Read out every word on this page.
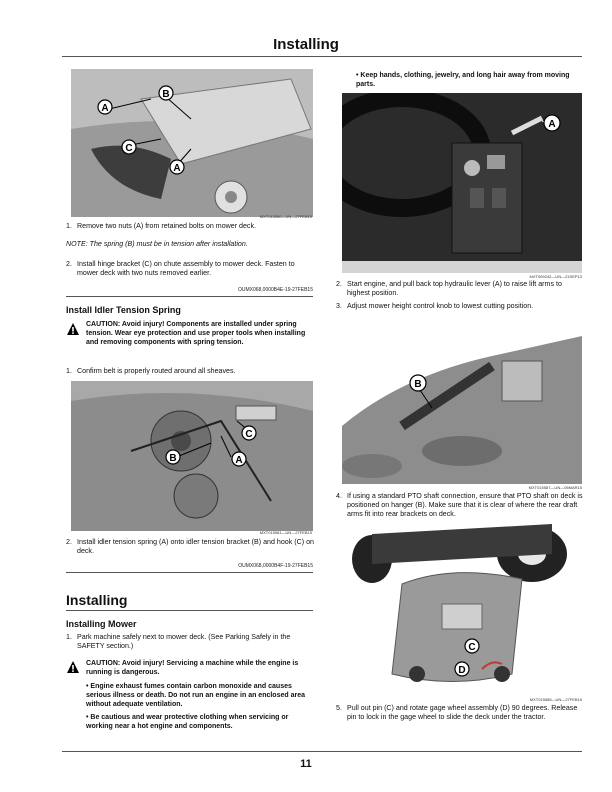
Installing
A
B
C
A
MXT015580—UN—27FEB15
1. Remove two nuts (A) from retained bolts on mower deck.
NOTE: The spring (B) must be in tension after installation.
2. Install hinge bracket (C) on chute assembly to mower deck. Fasten to mower deck with two nuts removed earlier.
OUMX068,0000B4E-19-27FEB15
Install Idler Tension Spring
CAUTION: Avoid injury! Components are installed under spring tension. Wear eye protection and use proper tools when installing and removing components with spring tension.
1. Confirm belt is properly routed around all sheaves.
C
B	A
MXT015581—UN—27FEB15
2. Install idler tension spring (A) onto idler tension bracket (B) and hook (C) on deck.
OUMX068,0000B4F-19-27FEB15
Installing
Installing Mower
1. Park machine safely next to mower deck. (See Parking Safely in the SAFETY section.)
CAUTION: Avoid injury! Servicing a machine while the engine is running is dangerous.
• Engine exhaust fumes contain carbon monoxide and causes serious illness or death. Do not run an engine in an enclosed area without adequate ventilation.
• Be cautious and wear protective clothing when servicing or working near a hot engine and components.
• Keep hands, clothing, jewelry, and long hair away from moving parts.
A
MXT009242—UN—21SEP13
2. Start engine, and pull back top hydraulic lever (A) to raise lift arms to highest position.
3. Adjust mower height control knob to lowest cutting position.
B
MXT015587—UN—05MAR15
4. If using a standard PTO shaft connection, ensure that PTO shaft on deck is positioned on hanger (B). Make sure that it is clear of where the rear draft arms fit into rear brackets on deck.
C
D
MXT015585—UN—27FEB15
5. Pull out pin (C) and rotate gage wheel assembly (D) 90 degrees. Release pin to lock in the gage wheel to slide the deck under the tractor.
11
